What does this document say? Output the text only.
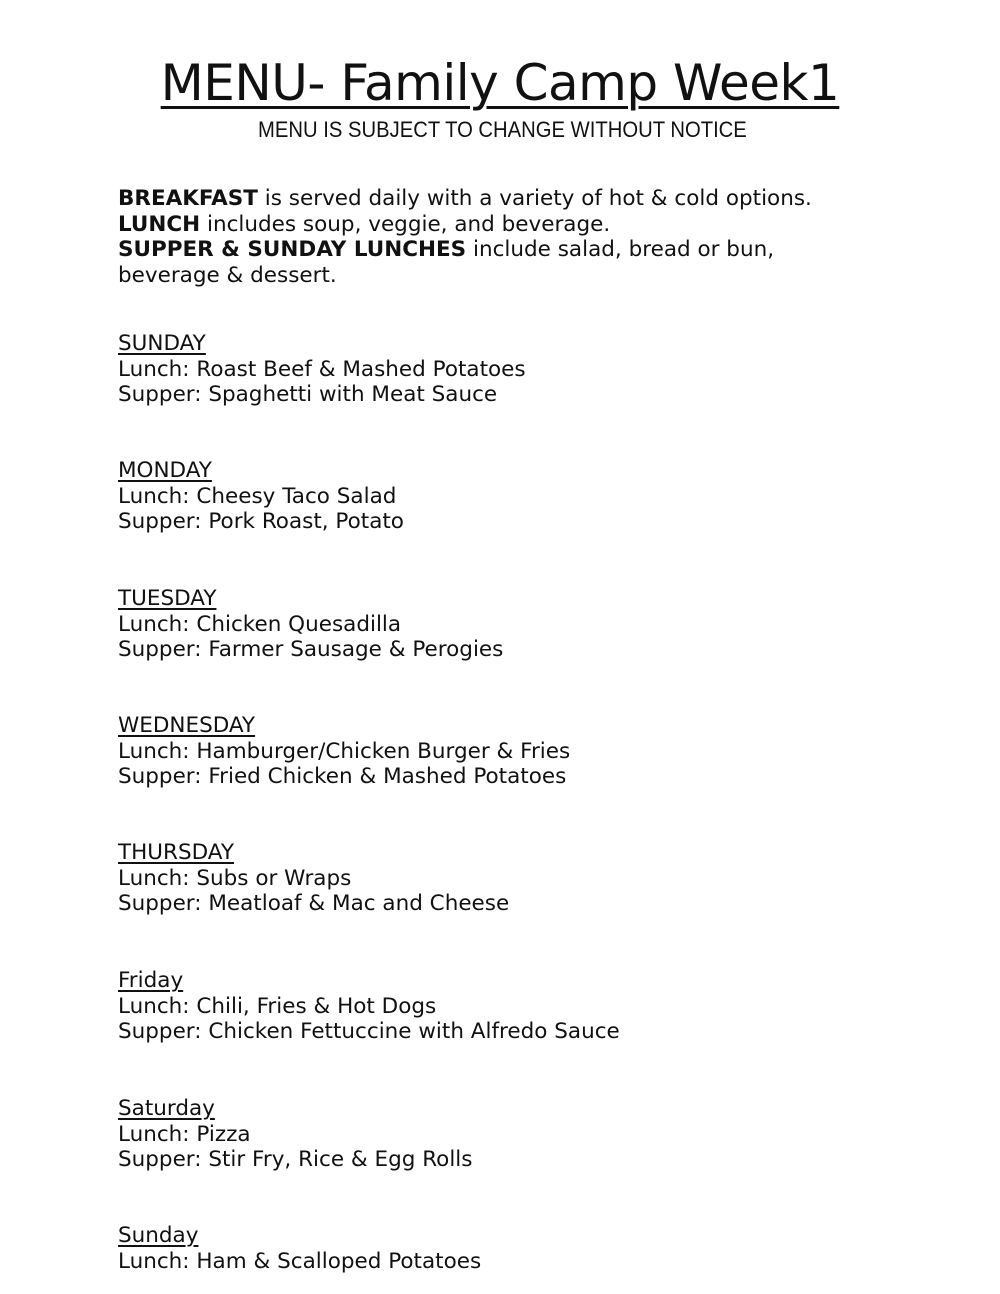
MENU- Family Camp Week1
MENU IS SUBJECT TO CHANGE WITHOUT NOTICE

BREAKFAST is served daily with a variety of hot & cold options.

LUNCH includes soup, veggie, and beverage.

SUPPER & SUNDAY LUNCHES include salad, bread or bun, beverage & dessert.

SUNDAY
Lunch: Roast Beef & Mashed Potatoes
Supper: Spaghetti with Meat Sauce
MONDAY
Lunch: Cheesy Taco Salad
Supper: Pork Roast, Potato
TUESDAY
Lunch: Chicken Quesadilla
Supper: Farmer Sausage & Perogies
WEDNESDAY
Lunch: Hamburger/Chicken Burger & Fries
Supper: Fried Chicken & Mashed Potatoes
THURSDAY
Lunch: Subs or Wraps
Supper: Meatloaf & Mac and Cheese
Friday
Lunch: Chili, Fries & Hot Dogs
Supper: Chicken Fettuccine with Alfredo Sauce
Saturday
Lunch: Pizza
Supper: Stir Fry, Rice & Egg Rolls
Sunday
Lunch: Ham & Scalloped Potatoes
